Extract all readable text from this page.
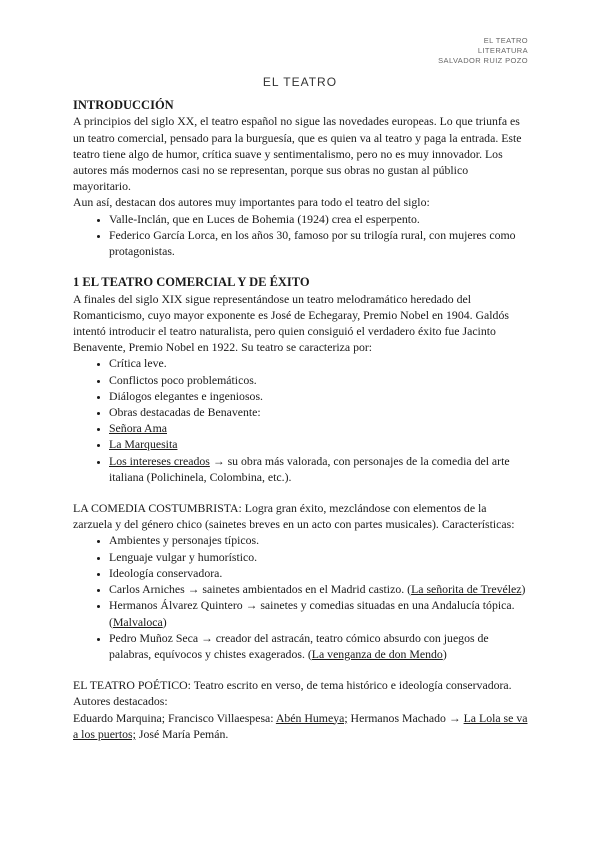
EL TEATRO
LITERATURA
SALVADOR RUIZ POZO
EL TEATRO
INTRODUCCIÓN

A principios del siglo XX, el teatro español no sigue las novedades europeas. Lo que triunfa es un teatro comercial, pensado para la burguesía, que es quien va al teatro y paga la entrada. Este teatro tiene algo de humor, crítica suave y sentimentalismo, pero no es muy innovador. Los autores más modernos casi no se representan, porque sus obras no gustan al público mayoritario.

Aun así, destacan dos autores muy importantes para todo el teatro del siglo:

• Valle-Inclán, que en Luces de Bohemia (1924) crea el esperpento.
• Federico García Lorca, en los años 30, famoso por su trilogía rural, con mujeres como protagonistas.
1 EL TEATRO COMERCIAL Y DE ÉXITO

A finales del siglo XIX sigue representándose un teatro melodramático heredado del Romanticismo, cuyo mayor exponente es José de Echegaray, Premio Nobel en 1904. Galdós intentó introducir el teatro naturalista, pero quien consiguió el verdadero éxito fue Jacinto Benavente, Premio Nobel en 1922. Su teatro se caracteriza por:

• Crítica leve.
• Conflictos poco problemáticos.
• Diálogos elegantes e ingeniosos.
• Obras destacadas de Benavente:
• Señora Ama
• La Marquesita
• Los intereses creados → su obra más valorada, con personajes de la comedia del arte italiana (Polichinela, Colombina, etc.).

LA COMEDIA COSTUMBRISTA: Logra gran éxito, mezclándose con elementos de la zarzuela y del género chico (sainetes breves en un acto con partes musicales). Características:

• Ambientes y personajes típicos.
• Lenguaje vulgar y humorístico.
• Ideología conservadora.
• Carlos Arniches → sainetes ambientados en el Madrid castizo. (La señorita de Trevélez)
• Hermanos Álvarez Quintero → sainetes y comedias situadas en una Andalucía tópica. (Malvaloca)
• Pedro Muñoz Seca → creador del astracán, teatro cómico absurdo con juegos de palabras, equívocos y chistes exagerados. (La venganza de don Mendo)

EL TEATRO POÉTICO: Teatro escrito en verso, de tema histórico e ideología conservadora.

Autores destacados:

Eduardo Marquina; Francisco Villaespesa: Abén Humeya; Hermanos Machado → La Lola se va a los puertos; José María Pemán.
